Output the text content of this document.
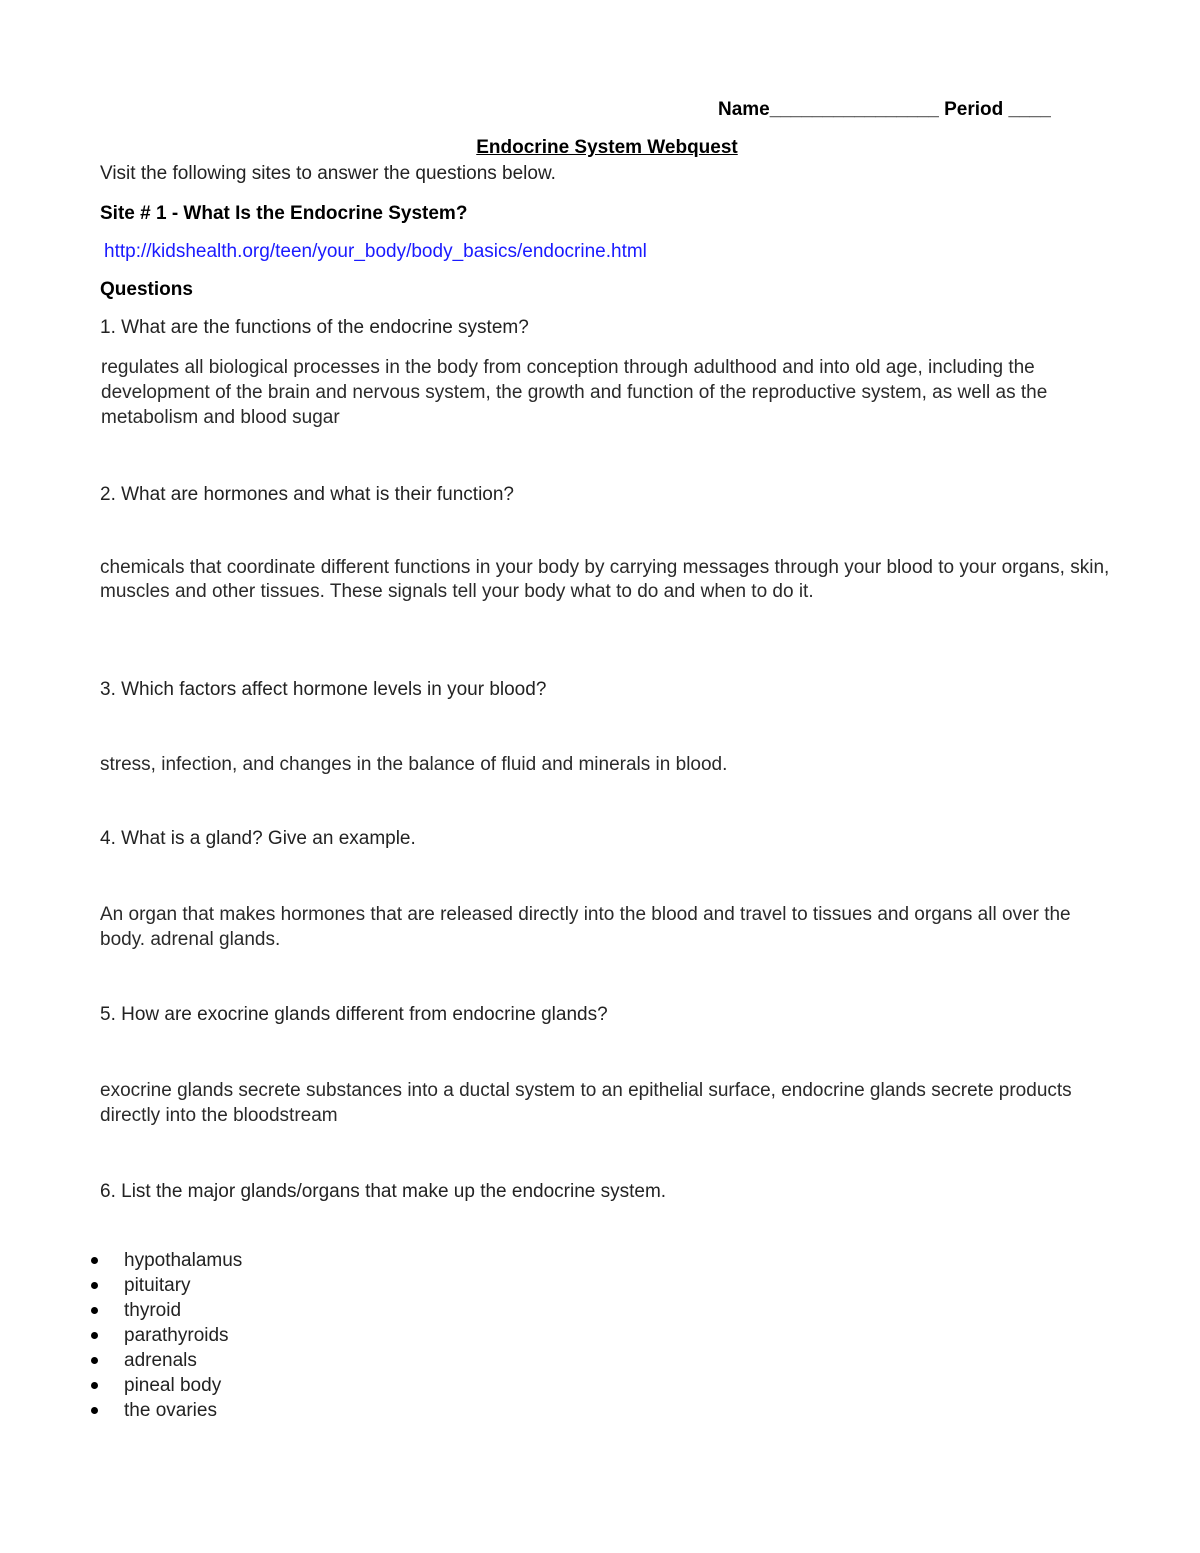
Name________________ Period ____

Endocrine System Webquest

Visit the following sites to answer the questions below.

Site # 1 - What Is the Endocrine System?

http://kidshealth.org/teen/your_body/body_basics/endocrine.html

Questions

1. What are the functions of the endocrine system?

regulates all biological processes in the body from conception through adulthood and into old age, including the development of the brain and nervous system, the growth and function of the reproductive system, as well as the metabolism and blood sugar

2. What are hormones and what is their function?

chemicals that coordinate different functions in your body by carrying messages through your blood to your organs, skin, muscles and other tissues. These signals tell your body what to do and when to do it.

3. Which factors affect hormone levels in your blood?

stress, infection, and changes in the balance of fluid and minerals in blood.

4. What is a gland? Give an example.

An organ that makes hormones that are released directly into the blood and travel to tissues and organs all over the body. adrenal glands.

5. How are exocrine glands different from endocrine glands?

exocrine glands secrete substances into a ductal system to an epithelial surface, endocrine glands secrete products directly into the bloodstream

6. List the major glands/organs that make up the endocrine system.

hypothalamus
pituitary
thyroid
parathyroids
adrenals
pineal body
the ovaries
